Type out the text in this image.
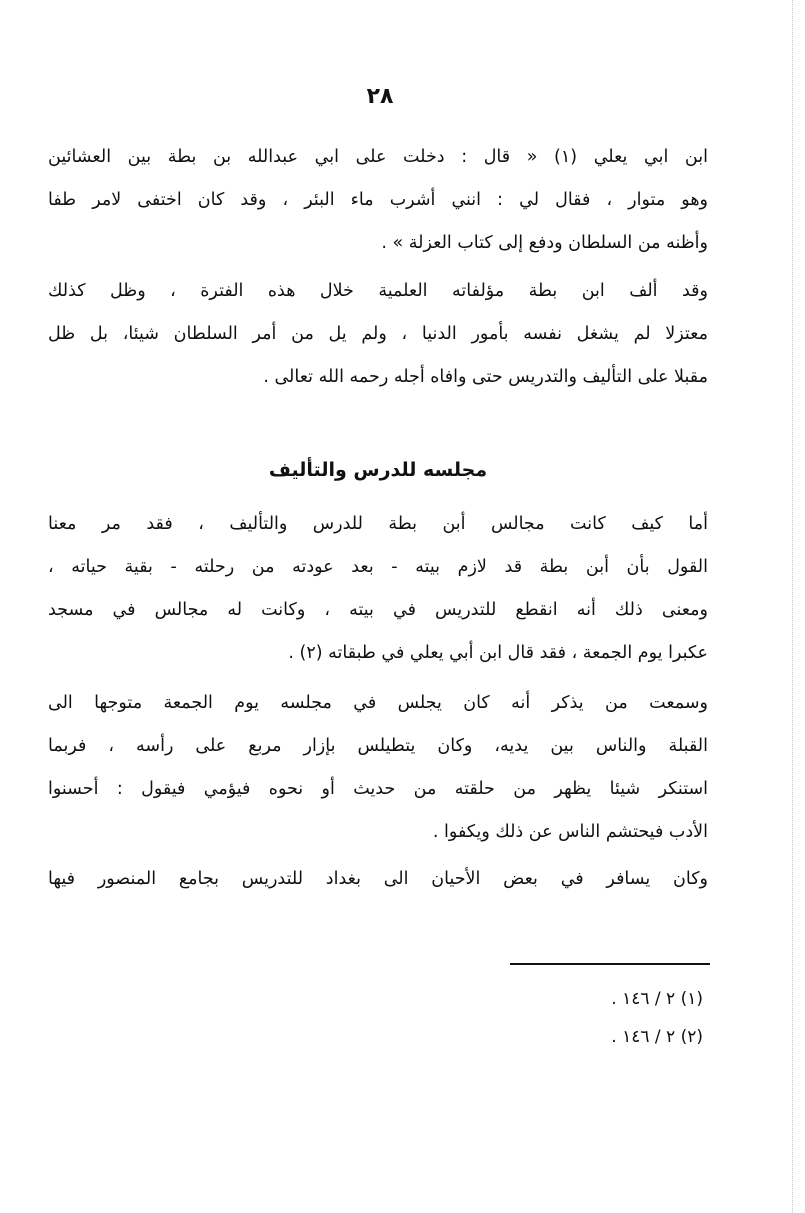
٢٨
ابن ابي يعلي (١) « قال : دخلت على ابي عبدالله بن بطة بين العشائين
وهو متوار ، فقال لي : انني أشرب ماء البئر ، وقد كان اختفى لامر طفا
وأظنه من السلطان ودفع إلى كتاب العزلة » .
وقد ألف ابن بطة مؤلفاته العلمية خلال هذه الفترة ، وظل كذلك
معتزلا لم يشغل نفسه بأمور الدنيا ، ولم يل من أمر السلطان شيئا، بل ظل
مقبلا على التأليف والتدريس حتى وافاه أجله رحمه الله تعالى .
مجلسه للدرس والتأليف
أما كيف كانت مجالس أبن بطة للدرس والتأليف ، فقد مر معنا
القول بأن أبن بطة قد لازم بيته - بعد عودته من رحلته - بقية حياته ،
ومعنى ذلك أنه انقطع للتدريس في بيته ، وكانت له مجالس في مسجد
عكبرا يوم الجمعة ، فقد قال ابن أبي يعلي في طبقاته (٢) .
وسمعت من يذكر أنه كان يجلس في مجلسه يوم الجمعة متوجها الى
القبلة والناس بين يديه، وكان يتطيلس بإزار مربع على رأسه ، فربما
استنكر شيئا يظهر من حلقته من حديث أو نحوه فيؤمي فيقول : أحسنوا
الأدب فيحتشم الناس عن ذلك ويكفوا .
وكان يسافر في بعض الأحيان الى بغداد للتدريس بجامع المنصور فيها
(١) ٢ / ١٤٦ .
(٢) ٢ / ١٤٦ .
